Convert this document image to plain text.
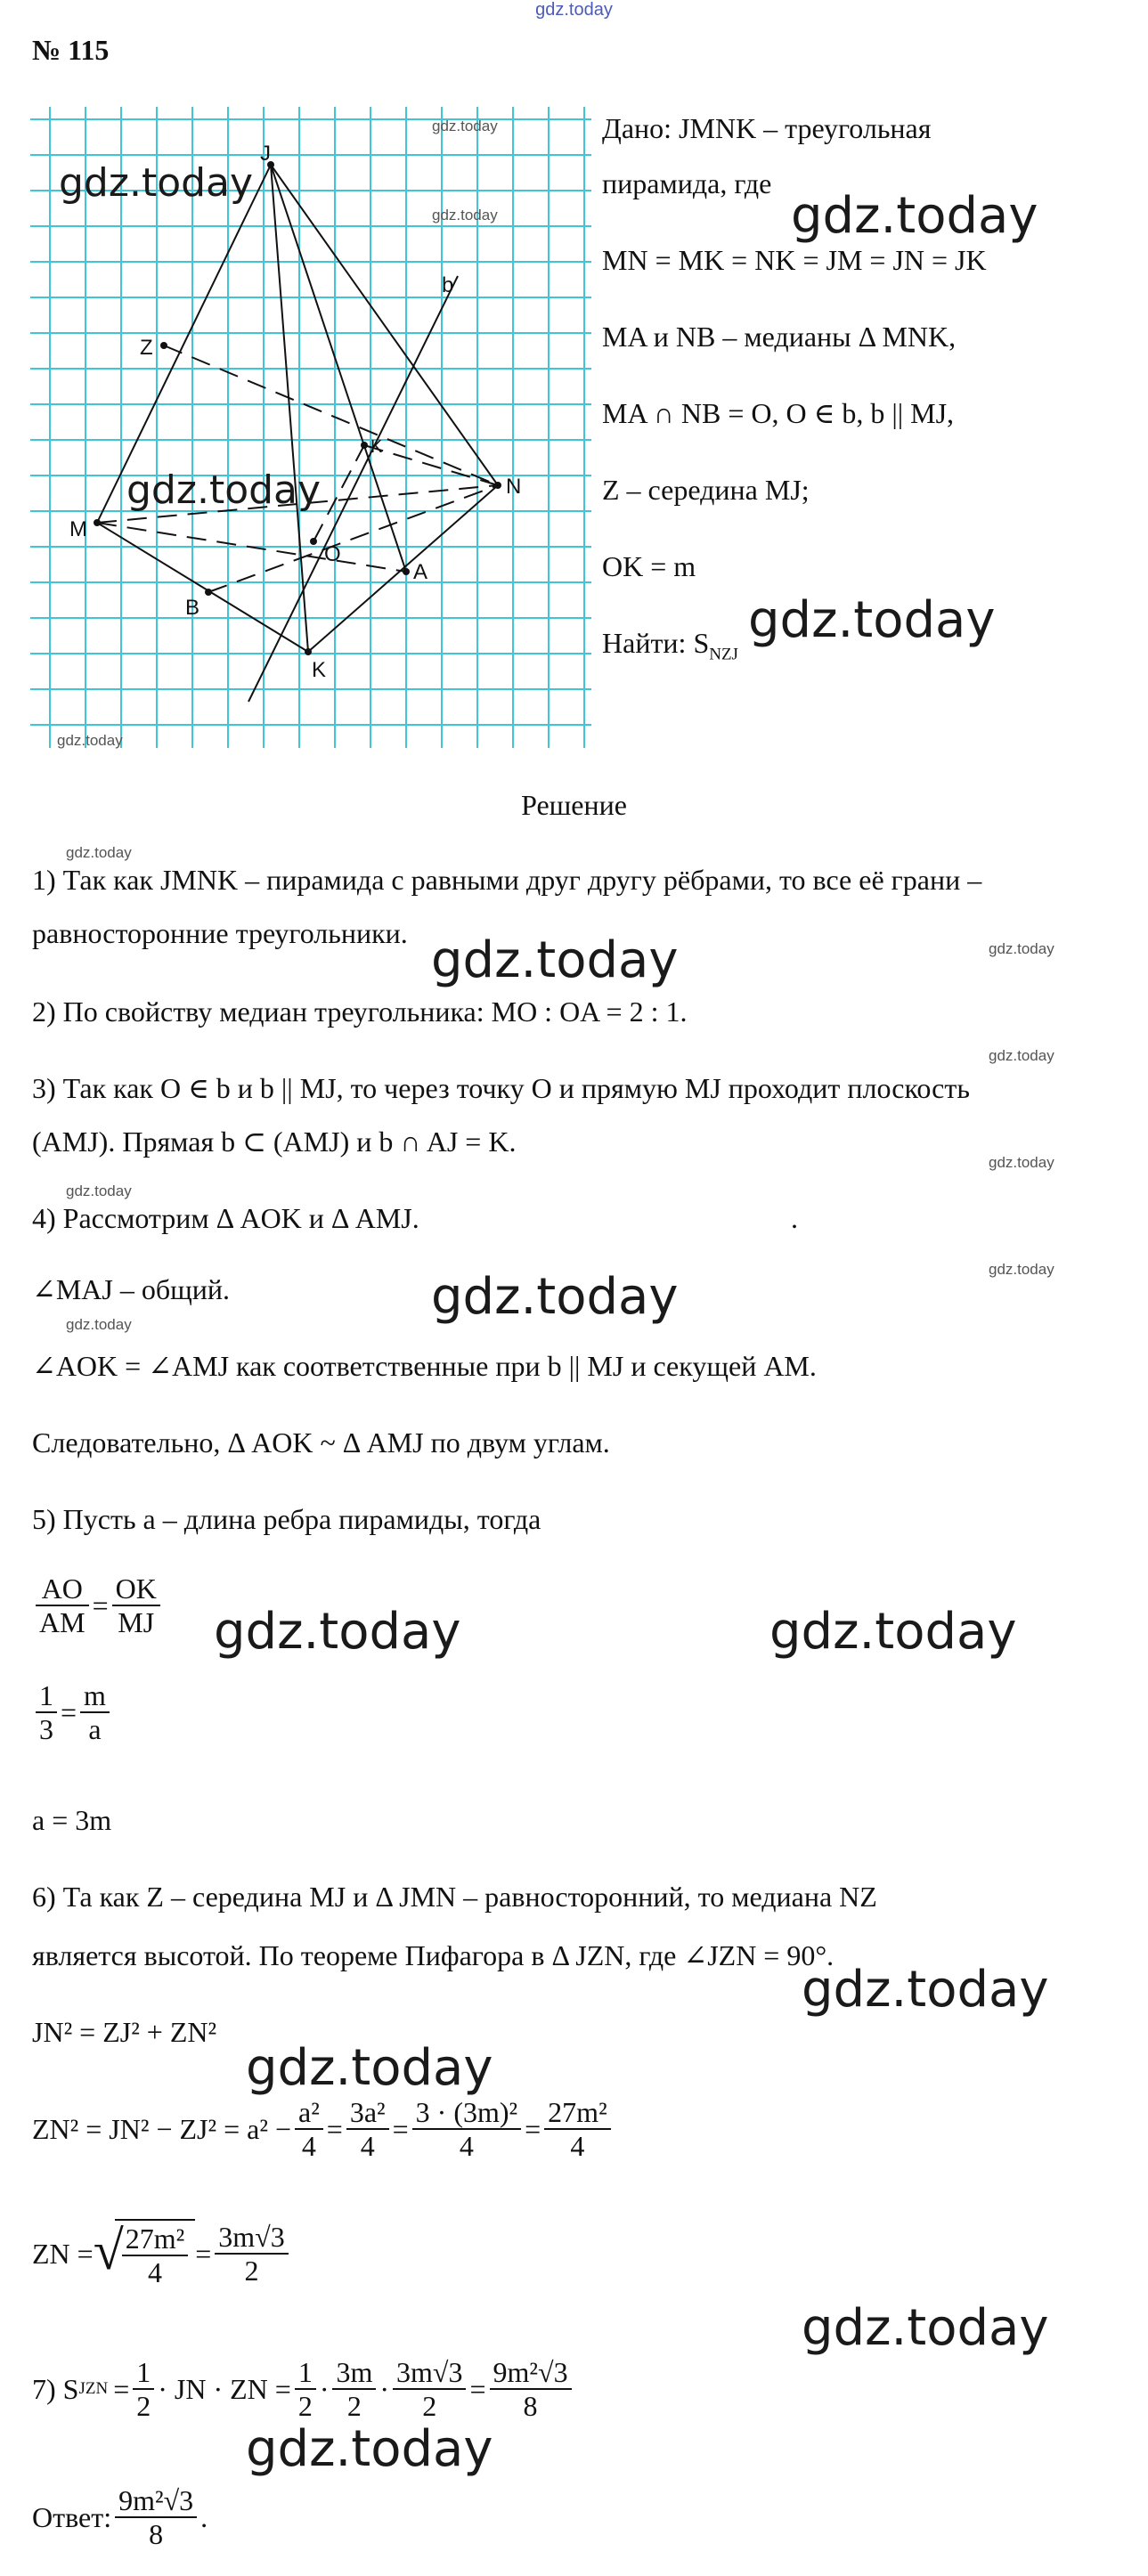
gdz.today
№ 115
J
Z
M
B
K
O
A
N
K
b
gdz.today
gdz.today
gdz.today
gdz.today
gdz.today
Дано: JMNK – треугольная
пирамида, где
MN = MK = NK = JM = JN = JK
MA и NB – медианы Δ MNK,
MA ∩ NB = O, O ∈ b, b || MJ,
Z – середина MJ;
OK = m
Найти: $S_{NZJ}$
gdz.today
gdz.today
Решение
gdz.today
1) Так как JMNK – пирамида с равными друг другу рёбрами, то все её грани –
равносторонние треугольники.	gdz.today
gdz.today
2) По свойству медиан треугольника: MO : OA = 2 : 1.
gdz.today
3) Так как O ∈ b и b || MJ, то через точку O и прямую MJ проходит плоскость
(AMJ). Прямая b ⊂ (AMJ) и b ∩ AJ = K.
gdz.today
gdz.today
4) Рассмотрим Δ AOK и Δ AMJ.	.
gdz.today
∠MAJ – общий.	gdz.today
gdz.today
∠AOK = ∠AMJ как соответственные при b || MJ и секущей AM.
Следовательно, Δ AOK ~ Δ AMJ по двум углам.
5) Пусть a – длина ребра пирамиды, тогда
$\frac{AO}{AM} = \frac{OK}{MJ}$ gdz.today	gdz.today
$\frac{1}{3} = \frac{m}{a}$
a = 3m
6) Та как Z – середина MJ и Δ JMN – равносторонний, то медиана NZ
является высотой. По теореме Пифагора в Δ JZN, где ∠JZN = 90°.
gdz.today
JN² = ZJ² + ZN²
gdz.today
$ZN^2 = JN^2 - ZJ^2 = a^2 - \frac{\text{a²}}{4} = \frac{\text{3a²}}{4} = \frac{\text{3 · (3m)²}}{4} = \frac{\text{27m²}}{4}$
ZN = √
$\frac{\text{27m²}}{4} = \frac{3m√3}{2}$
gdz.today
7) S JZN = $\frac{1}{2}$ · JN · ZN = $\frac{1}{2} \cdot \frac{3m}{2} \cdot \frac{3m√3}{2} = \frac{\text{9m²√3}}{8}$
gdz.today
Ответ: $\frac{\text{9m²√3}}{8}$ .
